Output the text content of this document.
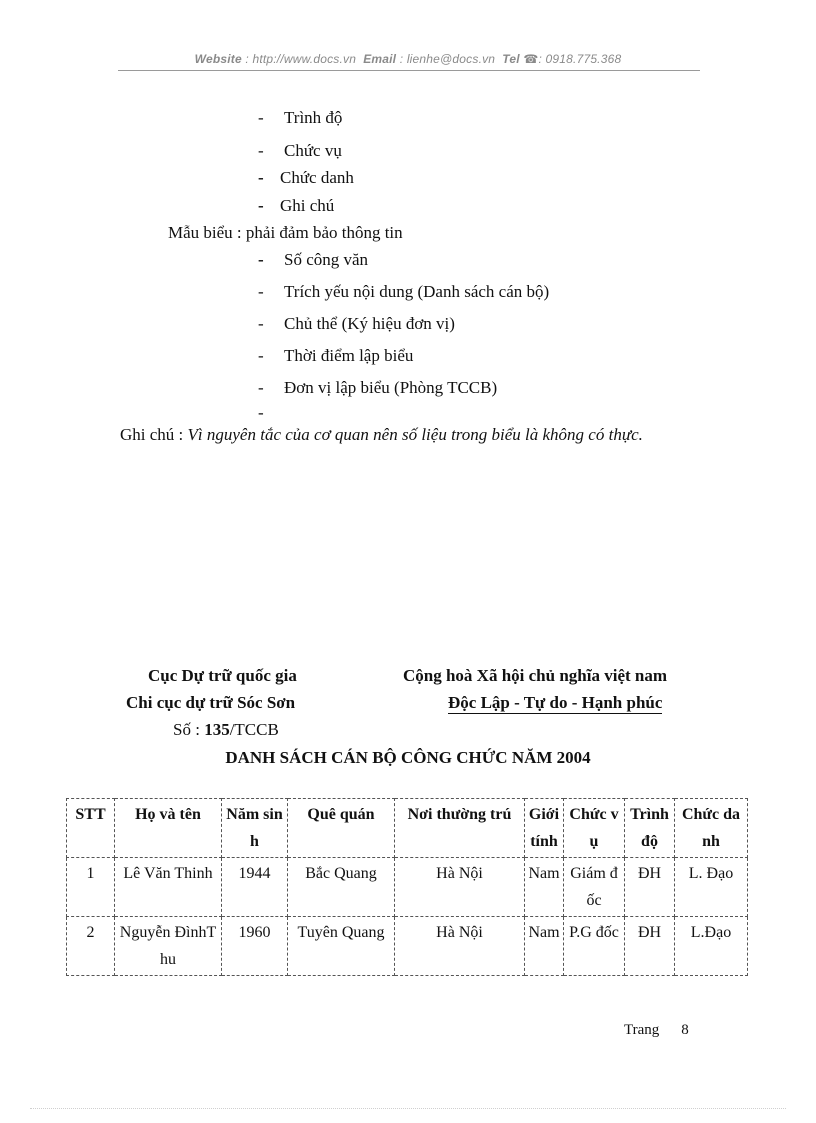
Website : http://www.docs.vn Email : lienhe@docs.vn Tel ☎: 0918.775.368
- Trình độ
- Chức vụ
- Chức danh
- Ghi chú
Mẫu biểu : phải đảm bảo thông tin
- Số công văn
- Trích yếu nội dung (Danh sách cán bộ)
- Chủ thể (Ký hiệu đơn vị)
- Thời điểm lập biểu
- Đơn vị lập biểu (Phòng TCCB)
-
Ghi chú : Vì nguyên tắc của cơ quan nên số liệu trong biểu là không có thực.
Cục Dự trữ quốc gia
Chi cục dự trữ Sóc Sơn
Số : 135/TCCB
Cộng hoà Xã hội chủ nghĩa việt nam
Độc Lập - Tự do - Hạnh phúc
DANH SÁCH CÁN BỘ CÔNG CHỨC NĂM 2004
STT	Họ và tên	Năm sinh	Quê quán	Nơi thường trú	Giới tính	Chức vụ	Trình độ	Chức danh
1	Lê Văn Thinh	1944	Bắc Quang	Hà Nội	Nam	Giám đốc	ĐH	L. Đạo
2	Nguyễn ĐìnhThu	1960	Tuyên Quang	Hà Nội	Nam	P.G đốc	ĐH	L.Đạo
Trang 8
